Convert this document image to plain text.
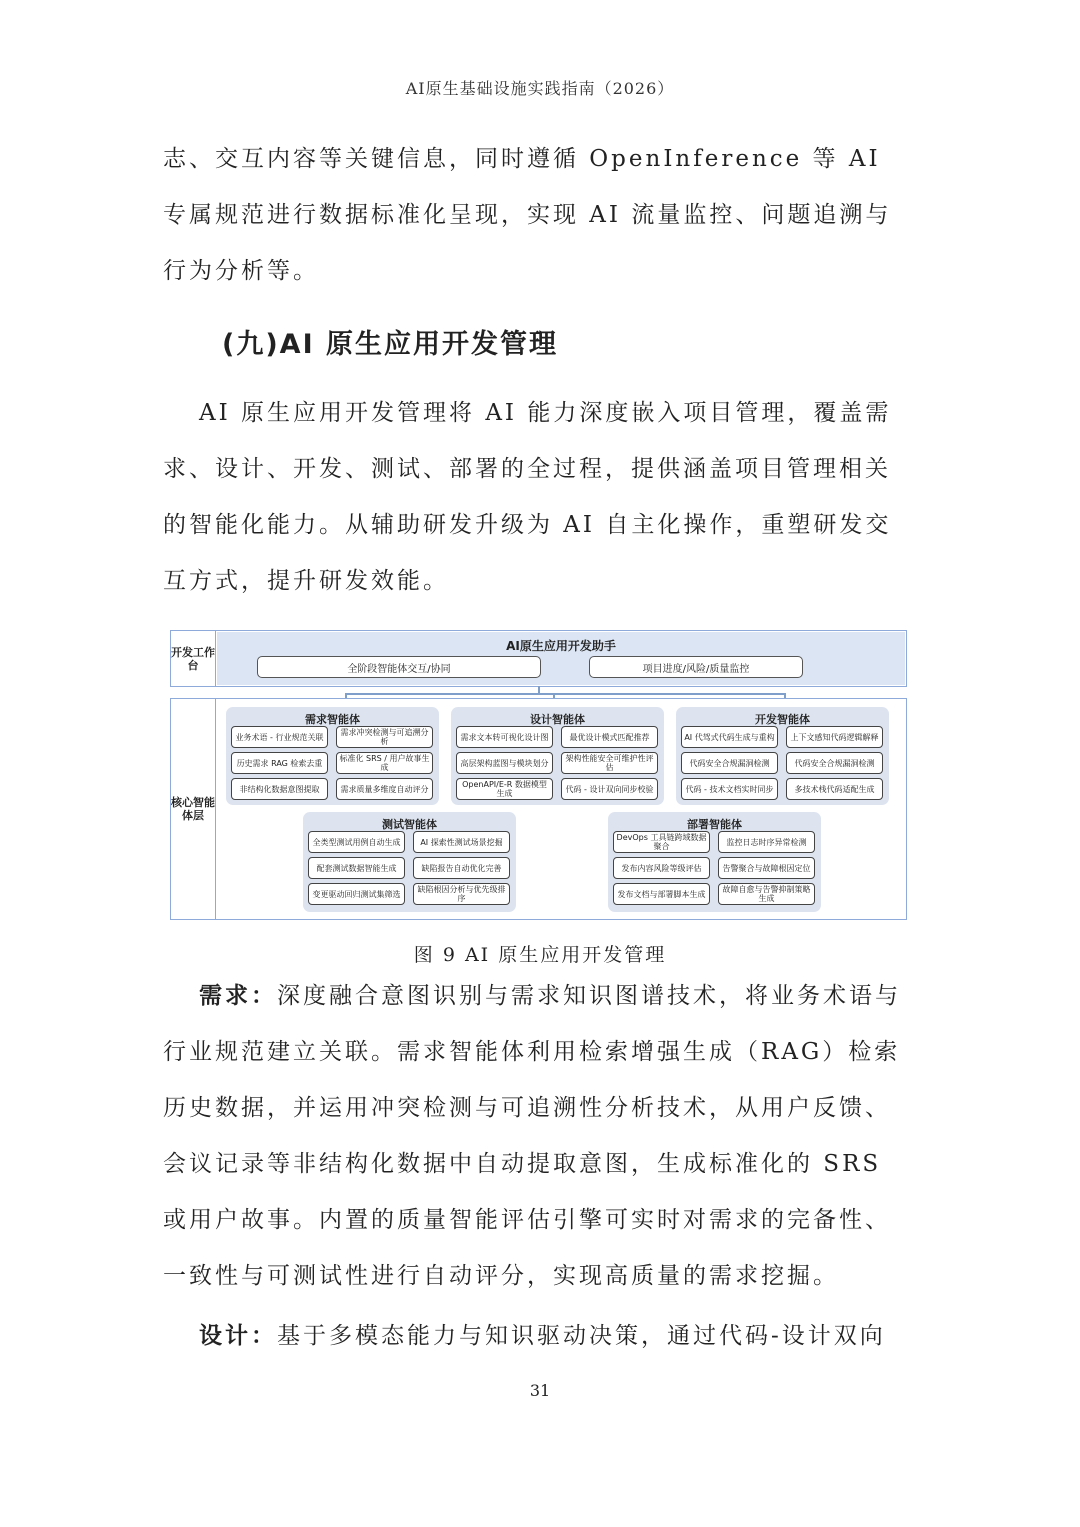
AI原生基础设施实践指南（2026）

志、交互内容等关键信息，同时遵循 OpenInference 等 AI 专属规范进行数据标准化呈现，实现 AI 流量监控、问题追溯与行为分析等。

(九)AI 原生应用开发管理

AI 原生应用开发管理将 AI 能力深度嵌入项目管理，覆盖需求、设计、开发、测试、部署的全过程，提供涵盖项目管理相关的智能化能力。从辅助研发升级为 AI 自主化操作，重塑研发交互方式，提升研发效能。

开发工作台
AI原生应用开发助手
全阶段智能体交互/协同	项目进度/风险/质量监控
核心智能体层
需求智能体
业务术语 - 行业规范关联	需求冲突检测与可追溯分析
历史需求 RAG 检索去重	标准化 SRS / 用户故事生成
非结构化数据意图提取	需求质量多维度自动评分
设计智能体
需求文本转可视化设计图	最优设计模式匹配推荐
高层架构蓝图与模块划分	架构性能安全可维护性评估
OpenAPI/E-R 数据模型生成	代码 - 设计双向同步校验
开发智能体
AI 代驾式代码生成与重构	上下文感知代码逻辑解释
代码安全合规漏洞检测	代码安全合规漏洞检测
代码 - 技术文档实时同步	多技术栈代码适配生成
测试智能体
全类型测试用例自动生成	AI 探索性测试场景挖掘
配套测试数据智能生成	缺陷报告自动优化完善
变更驱动回归测试集筛选	缺陷根因分析与优先级排序
部署智能体
DevOps 工具链跨域数据聚合	监控日志时序异常检测
发布内容风险等级评估	告警聚合与故障根因定位
发布文档与部署脚本生成	故障自愈与告警抑制策略生成
图 9 AI 原生应用开发管理

需求：深度融合意图识别与需求知识图谱技术，将业务术语与行业规范建立关联。需求智能体利用检索增强生成（RAG）检索历史数据，并运用冲突检测与可追溯性分析技术，从用户反馈、会议记录等非结构化数据中自动提取意图，生成标准化的 SRS 或用户故事。内置的质量智能评估引擎可实时对需求的完备性、一致性与可测试性进行自动评分，实现高质量的需求挖掘。

设计：基于多模态能力与知识驱动决策，通过代码-设计双向

31
